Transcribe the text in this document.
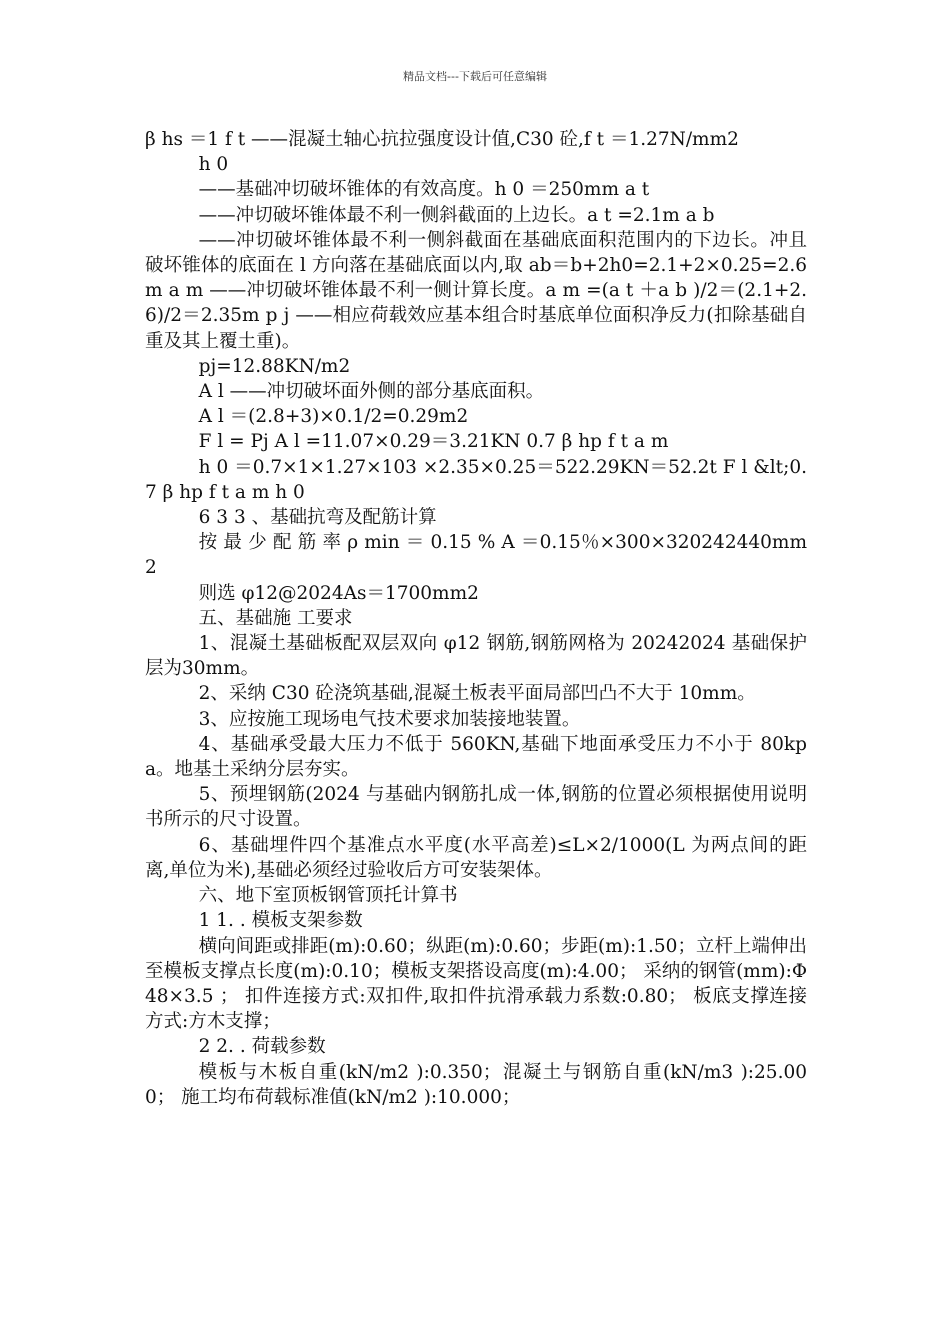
精品文档---下载后可任意编辑

β hs ＝1 f t ——混凝土轴心抗拉强度设计值,C30 砼,f t ＝1.27N/mm2

h 0

——基础冲切破坏锥体的有效高度。h 0 ＝250mm a t

——冲切破坏锥体最不利一侧斜截面的上边长。a t =2.1m a b

——冲切破坏锥体最不利一侧斜截面在基础底面积范围内的下边长。冲且破坏锥体的底面在 l 方向落在基础底面以内,取 ab＝b+2h0=2.1+2×0.25=2.6m a m ——冲切破坏锥体最不利一侧计算长度。a m =(a t ＋a b )/2＝(2.1+2.6)/2＝2.35m p j ——相应荷载效应基本组合时基底单位面积净反力(扣除基础自重及其上覆土重)。

pj=12.88KN/m2

A l ——冲切破坏面外侧的部分基底面积。

A l ＝(2.8+3)×0.1/2=0.29m2

F l = Pj A l =11.07×0.29＝3.21KN 0.7 β hp f t a m

h 0 ＝0.7×1×1.27×103 ×2.35×0.25＝522.29KN＝52.2t F l &lt;0.7 β hp f t a m h 0

6 3 3 、基础抗弯及配筋计算

按 最 少 配 筋 率 ρ min ＝ 0.15 % A ＝0.15％×300×320242440mm2

则选 φ12@2024As＝1700mm2

五、基础施 工要求

1、混凝土基础板配双层双向 φ12 钢筋,钢筋网格为 20242024 基础保护层为30mm。

2、采纳 C30 砼浇筑基础,混凝土板表平面局部凹凸不大于 10mm。

3、应按施工现场电气技术要求加装接地装置。

4、基础承受最大压力不低于 560KN,基础下地面承受压力不小于 80kpa。地基土采纳分层夯实。

5、预埋钢筋(2024 与基础内钢筋扎成一体,钢筋的位置必须根据使用说明书所示的尺寸设置。

6、基础埋件四个基准点水平度(水平高差)≤L×2/1000(L 为两点间的距离,单位为米),基础必须经过验收后方可安装架体。

六、地下室顶板钢管顶托计算书

1 1. . 模板支架参数

横向间距或排距(m):0.60；纵距(m):0.60；步距(m):1.50；立杆上端伸出至模板支撑点长度(m):0.10；模板支架搭设高度(m):4.00； 采纳的钢管(mm):Φ48×3.5 ； 扣件连接方式:双扣件,取扣件抗滑承载力系数:0.80； 板底支撑连接方式:方木支撑；

2 2. . 荷载参数

模板与木板自重(kN/m2 ):0.350；混凝土与钢筋自重(kN/m3 ):25.000； 施工均布荷载标准值(kN/m2 ):10.000；
